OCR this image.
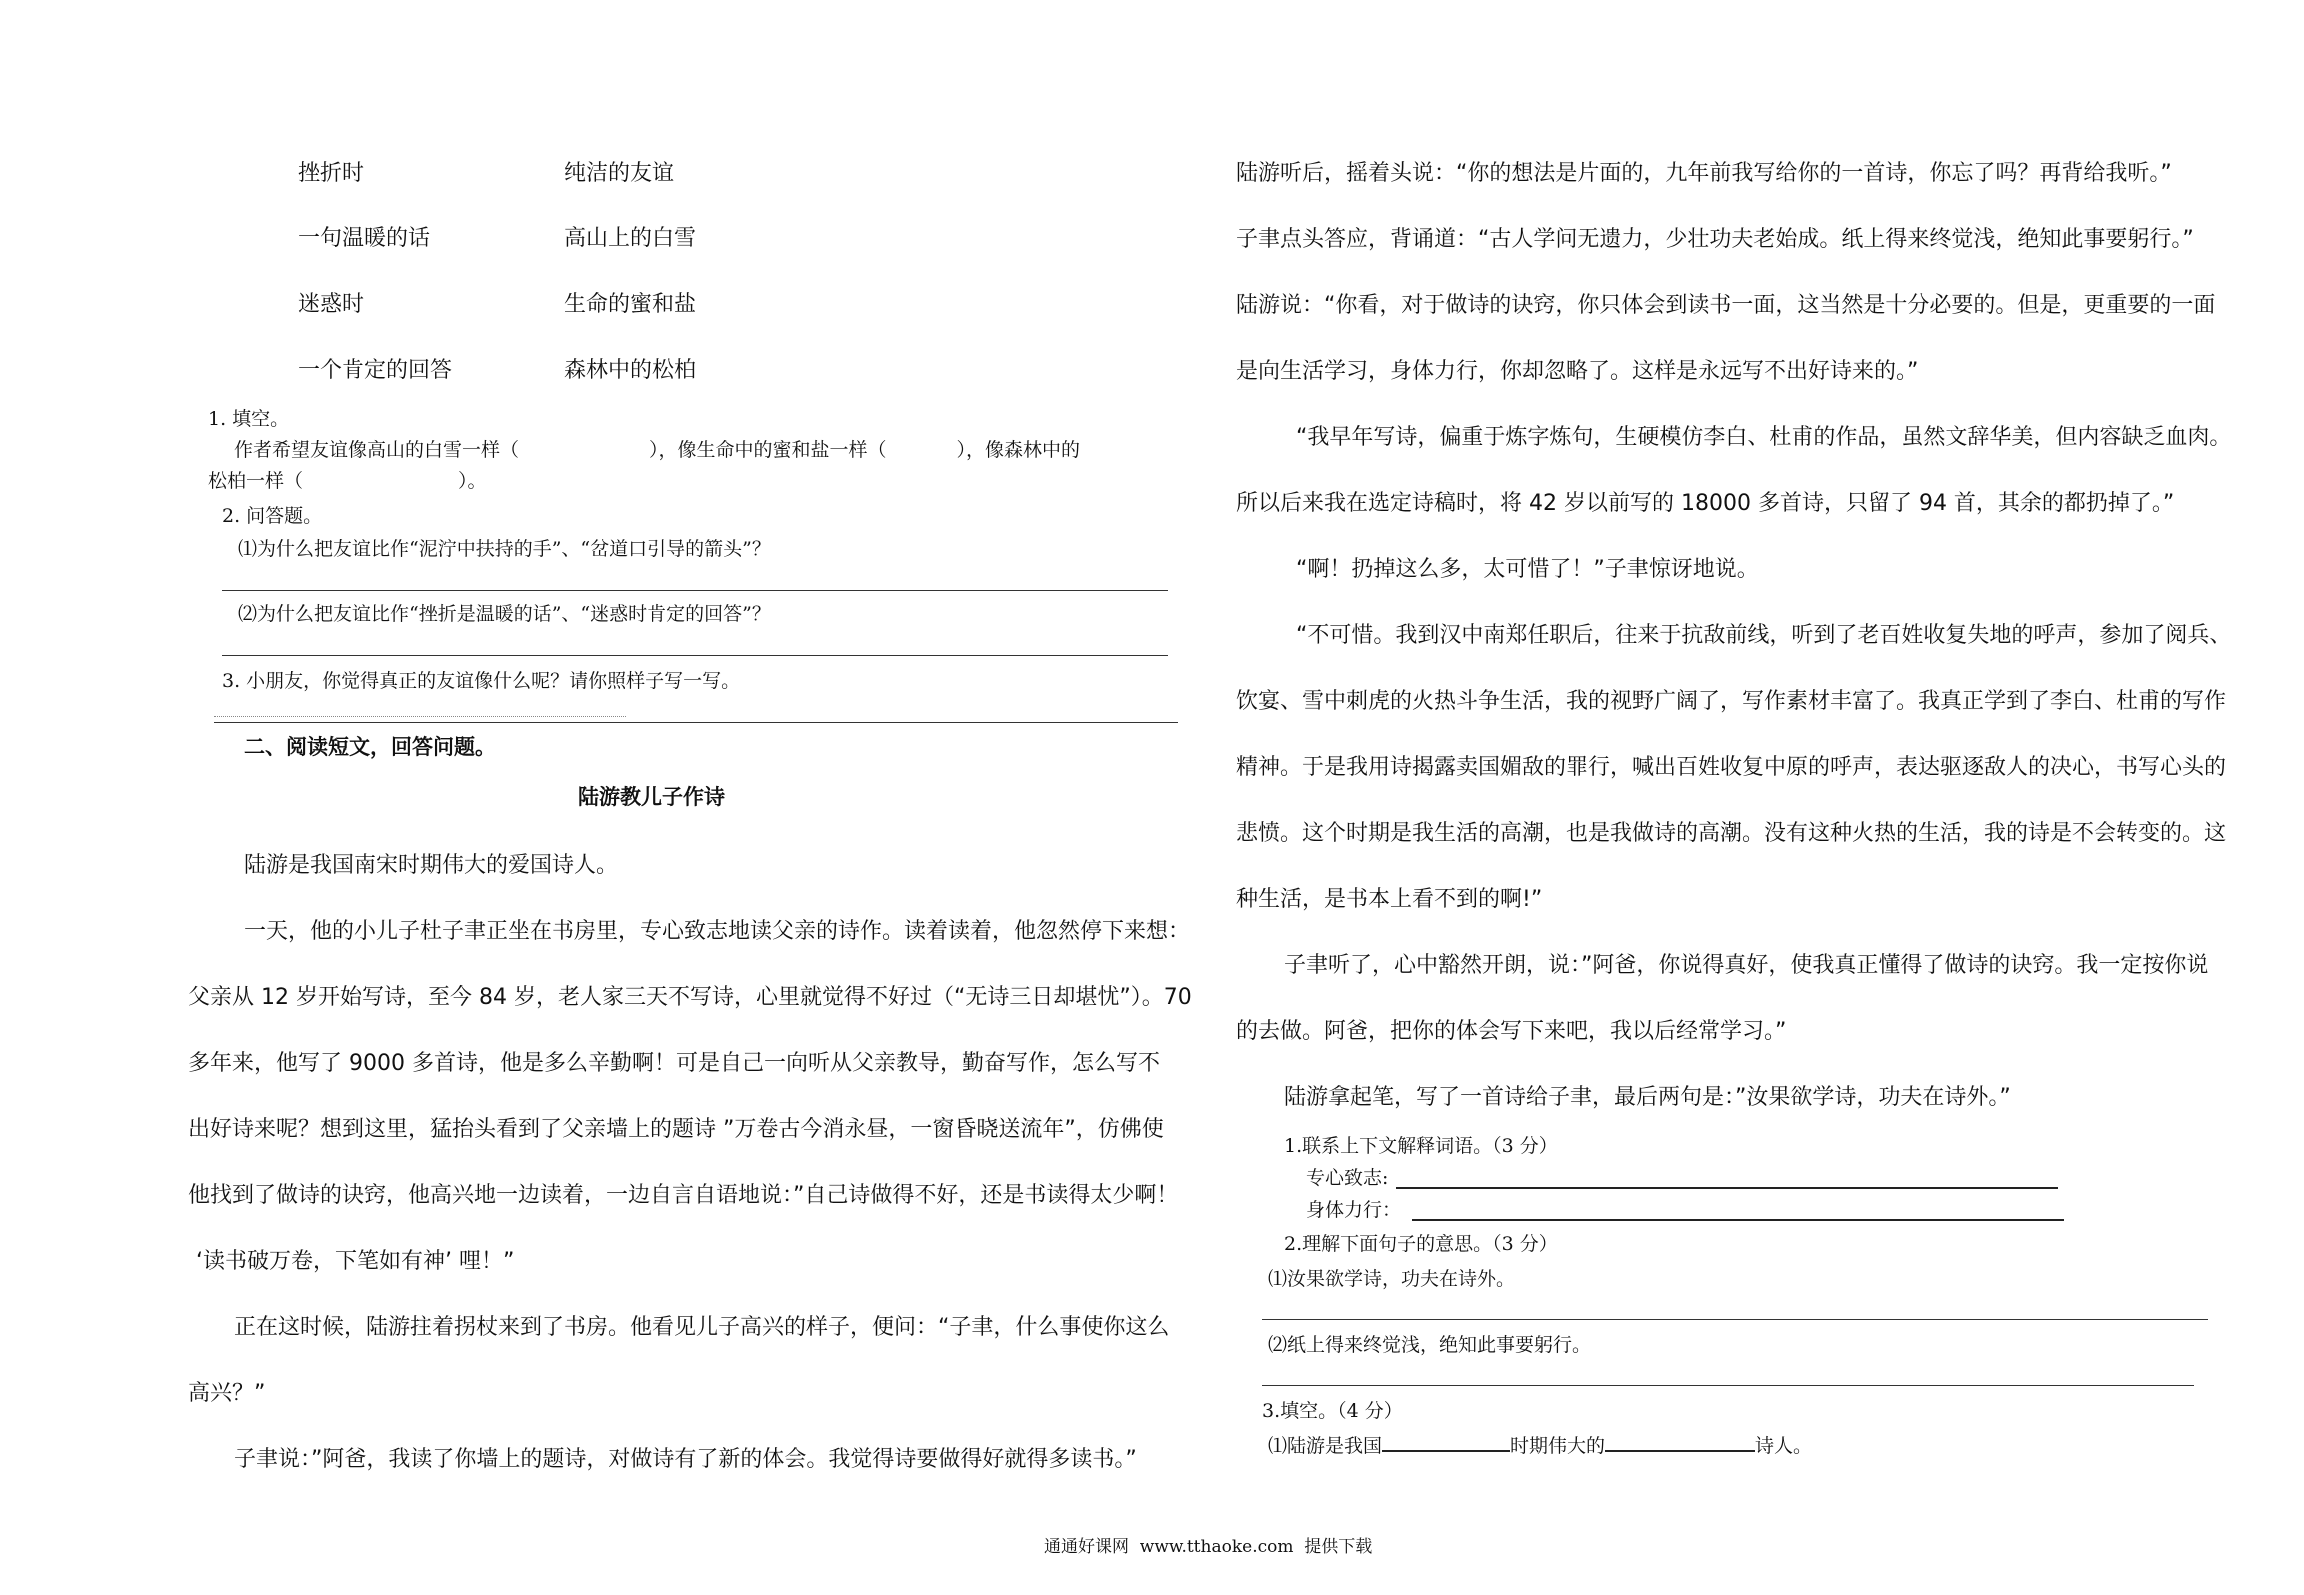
挫折时	纯洁的友谊
一句温暖的话	高山上的白雪
迷惑时	生命的蜜和盐
一个肯定的回答	森林中的松柏
1. 填空。
作者希望友谊像高山的白雪一样（	），像生命中的蜜和盐一样（	），像森林中的
松柏一样（	）。
2. 问答题。
⑴为什么把友谊比作“泥泞中扶持的手”、“岔道口引导的箭头”？
⑵为什么把友谊比作“挫折是温暖的话”、“迷惑时肯定的回答”？
3. 小朋友，你觉得真正的友谊像什么呢？请你照样子写一写。
二、阅读短文，回答问题。
陆游教儿子作诗
陆游是我国南宋时期伟大的爱国诗人。
一天，他的小儿子杜子聿正坐在书房里，专心致志地读父亲的诗作。读着读着，他忽然停下来想：
父亲从 12 岁开始写诗，至今 84 岁，老人家三天不写诗，心里就觉得不好过（“无诗三日却堪忧”）。70
多年来，他写了 9000 多首诗，他是多么辛勤啊！可是自己一向听从父亲教导，勤奋写作，怎么写不
出好诗来呢？想到这里，猛抬头看到了父亲墙上的题诗 ”万卷古今消永昼，一窗昏晓送流年”，仿佛使
他找到了做诗的诀窍，他高兴地一边读着，一边自言自语地说：”自己诗做得不好，还是书读得太少啊！
‘读书破万卷，下笔如有神’ 哩！”
正在这时候，陆游拄着拐杖来到了书房。他看见儿子高兴的样子，便问：“子聿，什么事使你这么
高兴？”
子聿说：”阿爸，我读了你墙上的题诗，对做诗有了新的体会。我觉得诗要做得好就得多读书。”
陆游听后，摇着头说：“你的想法是片面的，九年前我写给你的一首诗，你忘了吗？再背给我听。”
子聿点头答应，背诵道：“古人学问无遗力，少壮功夫老始成。纸上得来终觉浅，绝知此事要躬行。”
陆游说：“你看，对于做诗的诀窍，你只体会到读书一面，这当然是十分必要的。但是，更重要的一面
是向生活学习，身体力行，你却忽略了。这样是永远写不出好诗来的。”
“我早年写诗，偏重于炼字炼句，生硬模仿李白、杜甫的作品，虽然文辞华美，但内容缺乏血肉。
所以后来我在选定诗稿时，将 42 岁以前写的 18000 多首诗，只留了 94 首，其余的都扔掉了。”
“啊！扔掉这么多，太可惜了！”子聿惊讶地说。
“不可惜。我到汉中南郑任职后，往来于抗敌前线，听到了老百姓收复失地的呼声，参加了阅兵、
饮宴、雪中刺虎的火热斗争生活，我的视野广阔了，写作素材丰富了。我真正学到了李白、杜甫的写作
精神。于是我用诗揭露卖国媚敌的罪行，喊出百姓收复中原的呼声，表达驱逐敌人的决心，书写心头的
悲愤。这个时期是我生活的高潮，也是我做诗的高潮。没有这种火热的生活，我的诗是不会转变的。这
种生活，是书本上看不到的啊!”
子聿听了，心中豁然开朗，说：”阿爸，你说得真好，使我真正懂得了做诗的诀窍。我一定按你说
的去做。阿爸，把你的体会写下来吧，我以后经常学习。”
陆游拿起笔，写了一首诗给子聿，最后两句是：”汝果欲学诗，功夫在诗外。”
1.联系上下文解释词语。（3 分）
专心致志:
身体力行：
2.理解下面句子的意思。（3 分）
⑴汝果欲学诗，功夫在诗外。
⑵纸上得来终觉浅，绝知此事要躬行。
3.填空。（4 分）
⑴陆游是我国	时期伟大的	诗人。
通通好课网  www.tthaoke.com  提供下载
